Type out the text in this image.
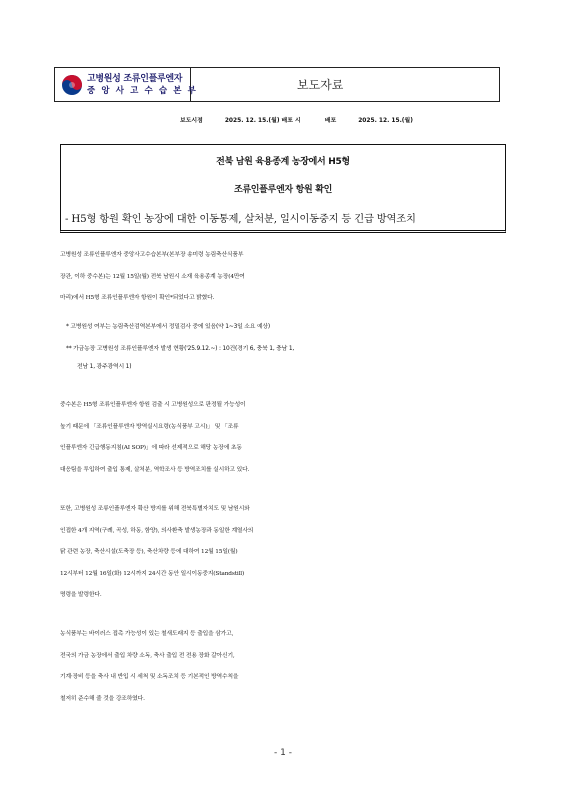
고병원성 조류인플루엔자
중 앙 사 고 수 습 본 부	보도자료
보도시점	2025. 12. 15.(월) 배포 시	배포	2025. 12. 15.(월)
전북 남원 육용종계 농장에서 H5형
조류인플루엔자 항원 확인
- H5형 항원 확인 농장에 대한 이동통제, 살처분, 일시이동중지 등 긴급 방역조치
고병원성 조류인플루엔자 중앙사고수습본부(본부장 송미령 농림축산식품부
장관, 이하 중수본)는 12월 15일(월) 전북 남원시 소재 육용종계 농장(4만여
마리)에서 H5형 조류인플루엔자 항원이 확인*되었다고 밝혔다.
* 고병원성 여부는 농림축산검역본부에서 정밀검사 중에 있음(약 1~3일 소요 예상)
** 가금농장 고병원성 조류인플루엔자 발생 현황('25.9.12.~) : 10건(경기 6, 충북 1, 충남 1,
전남 1, 광주광역시 1)
중수본은 H5형 조류인플루엔자 항원 검출 시 고병원성으로 판정될 가능성이
높기 때문에 「조류인플루엔자 방역실시요령(농식품부 고시)」 및 「조류
인플루엔자 긴급행동지침(AI SOP)」에 따라 선제적으로 해당 농장에 초동
대응팀을 투입하여 출입 통제, 살처분, 역학조사 등 방역조치를 실시하고 있다.
또한, 고병원성 조류인플루엔자 확산 방지를 위해 전북특별자치도 및 남원시와
인접한 4개 지역(구례, 곡성, 하동, 함양), 의사환축 발생농장과 동일한 계열사의
닭 관련 농장, 축산시설(도축장 등), 축산차량 등에 대하여 12월 15일(월)
12시부터 12월 16일(화) 12시까지 24시간 동안 일시이동중지(Standstill)
명령을 발령한다.
농식품부는 바이러스 접촉 가능성이 있는 철새도래지 등 출입을 삼가고,
전국의 가금 농장에서 출입 차량 소독, 축사 출입 전 전용 장화 갈아신기,
기계·장비 등을 축사 내 반입 시 세척 및 소독조치 등 기본적인 방역수칙을
철저히 준수해 줄 것을 강조하였다.
- 1 -
